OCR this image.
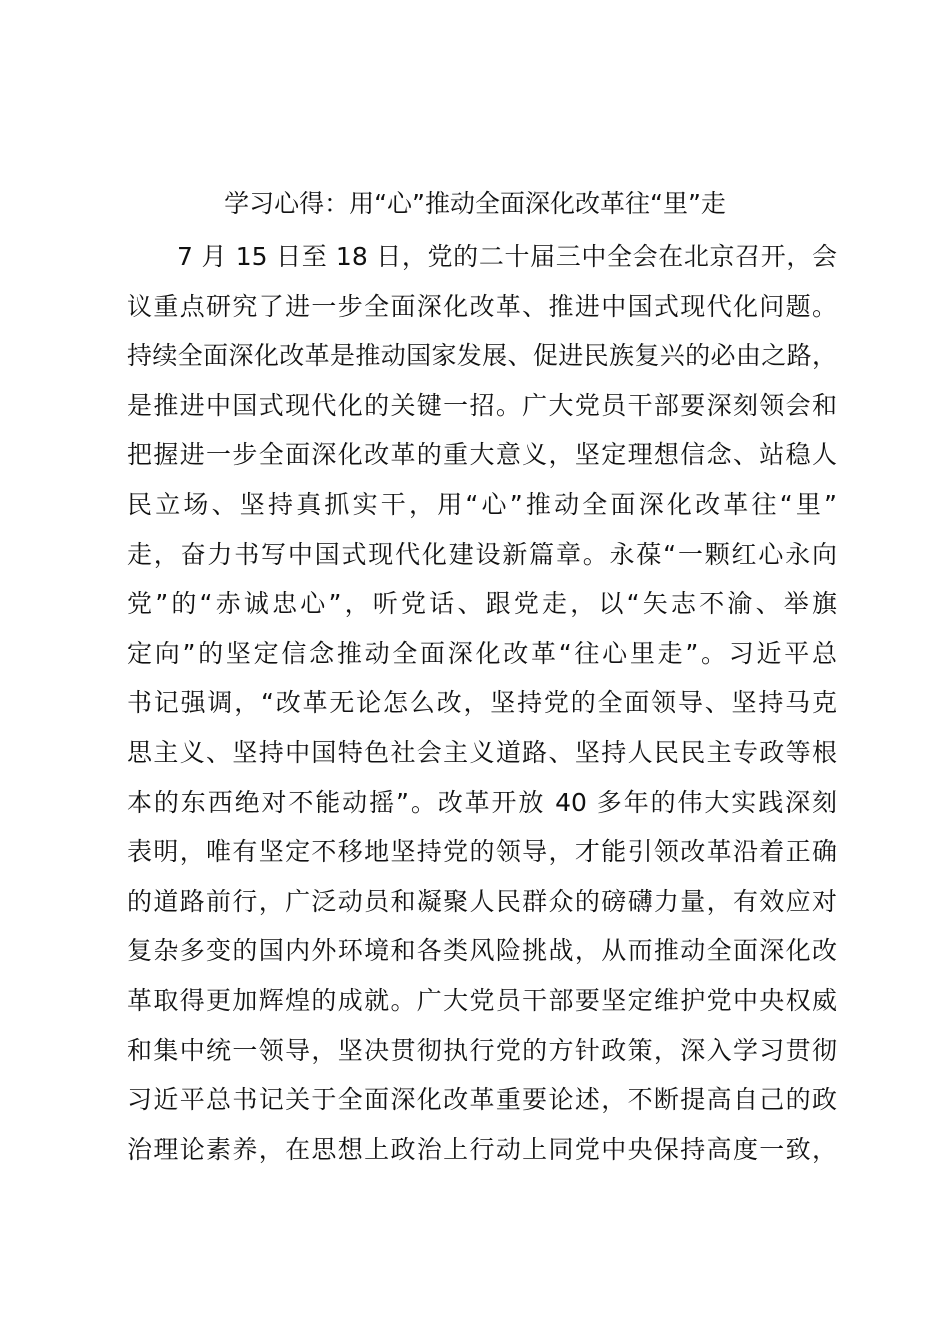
学习心得：用“心”推动全面深化改革往“里”走
7 月 15 日至 18 日，党的二十届三中全会在北京召开，会
议重点研究了进一步全面深化改革、推进中国式现代化问题。
持续全面深化改革是推动国家发展、促进民族复兴的必由之路，
是推进中国式现代化的关键一招。广大党员干部要深刻领会和
把握进一步全面深化改革的重大意义，坚定理想信念、站稳人
民立场、坚持真抓实干，用“心”推动全面深化改革往“里”
走，奋力书写中国式现代化建设新篇章。永葆“一颗红心永向
党”的“赤诚忠心”，听党话、跟党走，以“矢志不渝、举旗
定向”的坚定信念推动全面深化改革“往心里走”。习近平总
书记强调，“改革无论怎么改，坚持党的全面领导、坚持马克
思主义、坚持中国特色社会主义道路、坚持人民民主专政等根
本的东西绝对不能动摇”。改革开放 40 多年的伟大实践深刻
表明，唯有坚定不移地坚持党的领导，才能引领改革沿着正确
的道路前行，广泛动员和凝聚人民群众的磅礴力量，有效应对
复杂多变的国内外环境和各类风险挑战，从而推动全面深化改
革取得更加辉煌的成就。广大党员干部要坚定维护党中央权威
和集中统一领导，坚决贯彻执行党的方针政策，深入学习贯彻
习近平总书记关于全面深化改革重要论述，不断提高自己的政
治理论素养，在思想上政治上行动上同党中央保持高度一致，
